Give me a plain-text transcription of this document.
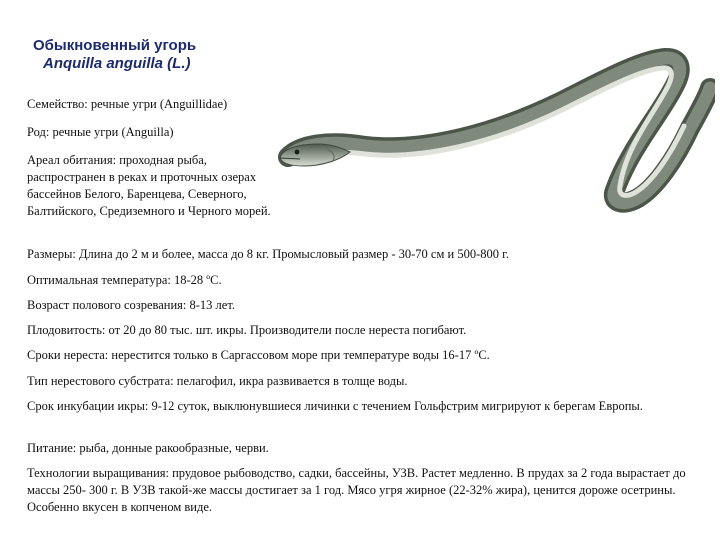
Обыкновенный угорь
Anquilla anguilla (L.)

Семейство: речные угри (Anguillidae)

Род: речные угри (Anguilla)

Ареал обитания: проходная рыба, распространен в реках и проточных озерах бассейнов Белого, Баренцева, Северного, Балтийского, Средиземного и Черного морей.

Размеры: Длина до 2 м и более, масса до 8 кг. Промысловый размер - 30-70 см и 500-800 г.

Оптимальная температура: 18-28 ºС.

Возраст полового созревания: 8-13 лет.

Плодовитость: от 20 до 80 тыс. шт. икры. Производители после нереста погибают.

Сроки нереста: нерестится только в Саргассовом море при температуре воды 16-17 ºС.

Тип нерестового субстрата: пелагофил, икра развивается в толще воды.

Срок инкубации икры: 9-12 суток, выклюнувшиеся личинки с течением Гольфстрим мигрируют к берегам Европы.

Питание: рыба, донные ракообразные, черви.

Технологии выращивания: прудовое рыбоводство, садки, бассейны, УЗВ. Растет медленно. В прудах за 2 года вырастает до массы 250- 300 г. В УЗВ такой-же массы достигает за 1 год. Мясо угря жирное (22-32% жира), ценится дороже осетрины. Особенно вкусен в копченом виде.
